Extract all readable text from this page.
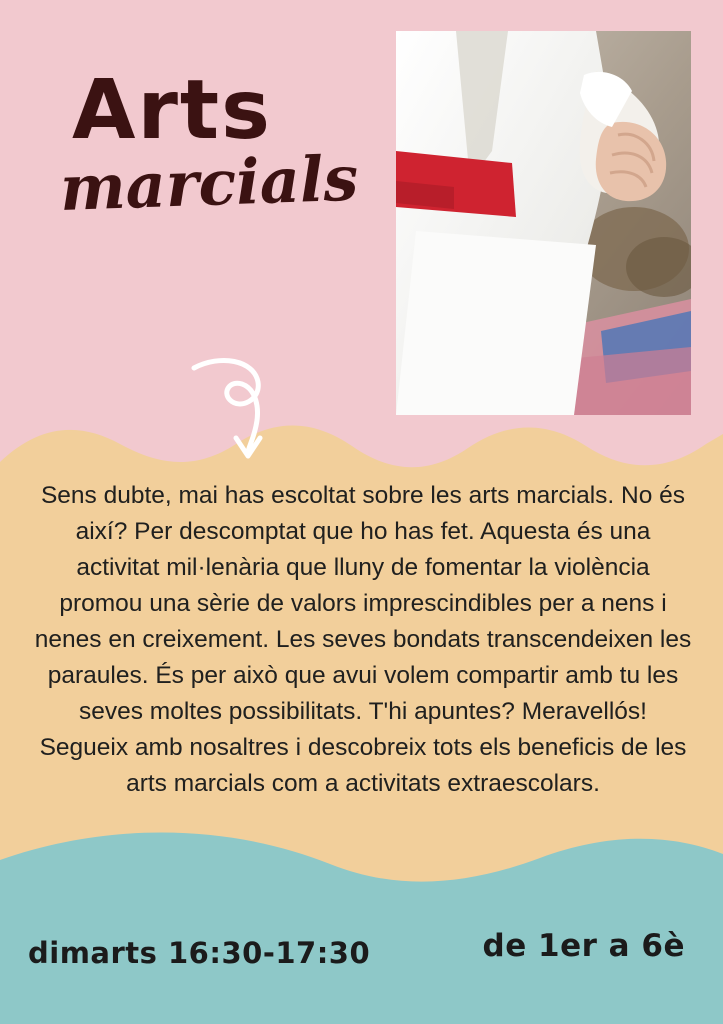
Arts
marcials
Sens dubte, mai has escoltat sobre les arts marcials. No és així? Per descomptat que ho has fet. Aquesta és una activitat mil·lenària que lluny de fomentar la violència promou una sèrie de valors imprescindibles per a nens i nenes en creixement. Les seves bondats transcendeixen les paraules. És per això que avui volem compartir amb tu les seves moltes possibilitats. T'hi apuntes? Meravellós! Segueix amb nosaltres i descobreix tots els beneficis de les arts marcials com a activitats extraescolars.
dimarts 16:30-17:30	de 1er a 6è
